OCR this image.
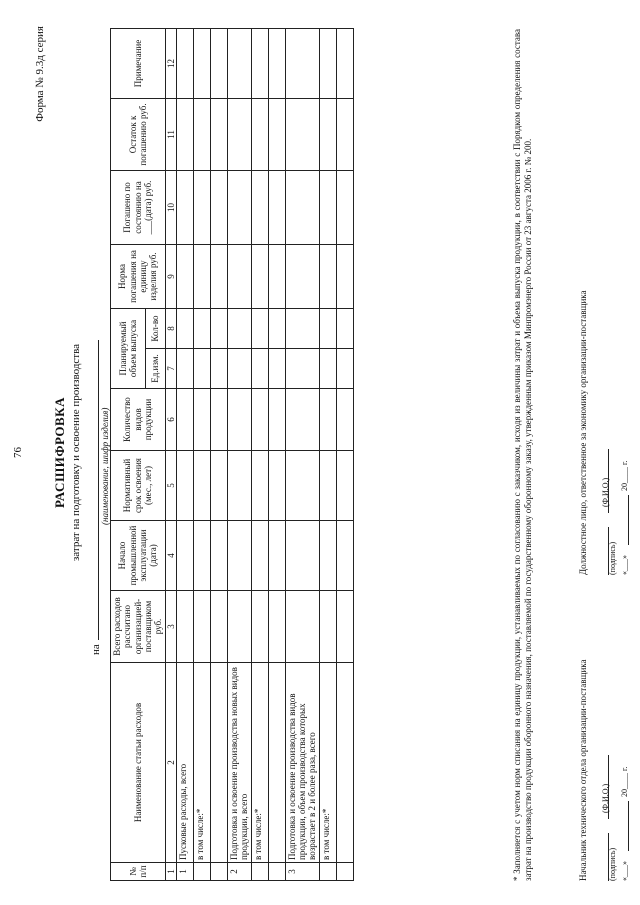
76
Форма № 9.3д серия
РАСШИФРОВКА затрат на подготовку и освоение производства
на
(наименование, шифр изделия)
№ п/п	Наименование статьи расходов	Всего расходов рассчитано организацией-поставщиком руб.	Начало промышленной эксплуатации (дата)	Нормативный срок освоения (мес., лет)	Количество видов продукции	Планируемый объем выпуска		Норма погашения на единицу изделия руб.	Погашено по состоянию на ___(дата) руб.	Остаток к погашению руб.	Примечание
						Ед.изм.	Кол-во				
1	2	3	4	5	6	7	8	9	10	11	12
1	Пусковые расходы, всего										
	в том числе:*										

2	Подготовка и освоение производства новых видов продукции, всего										
	в том числе:*										

3	Подготовка и освоение производства видов продукции, объем производства которых возрастает в 2 и более раза, всего										
	в том числе:*										
												* Заполняется с учетом норм списания на единицу продукции, устанавливаемых по согласованию с заказчиком, исходя из величины затрат и объема выпуска продукции, в соответствии с Порядком определения состава затрат на производство продукции оборонного назначения, поставляемой по государственному оборонному заказу, утвержденным приказом Минпромэнерго России от 23 августа 2006 г. № 200.	Начальник технического отдела организации-поставщика
	(подпись)
(Ф.И.О.)
«___»
20____ г.
Должностное лицо, ответственное за экономику организации-поставщика
	(подпись)
(Ф.И.О.)
«___»
20____ г.
